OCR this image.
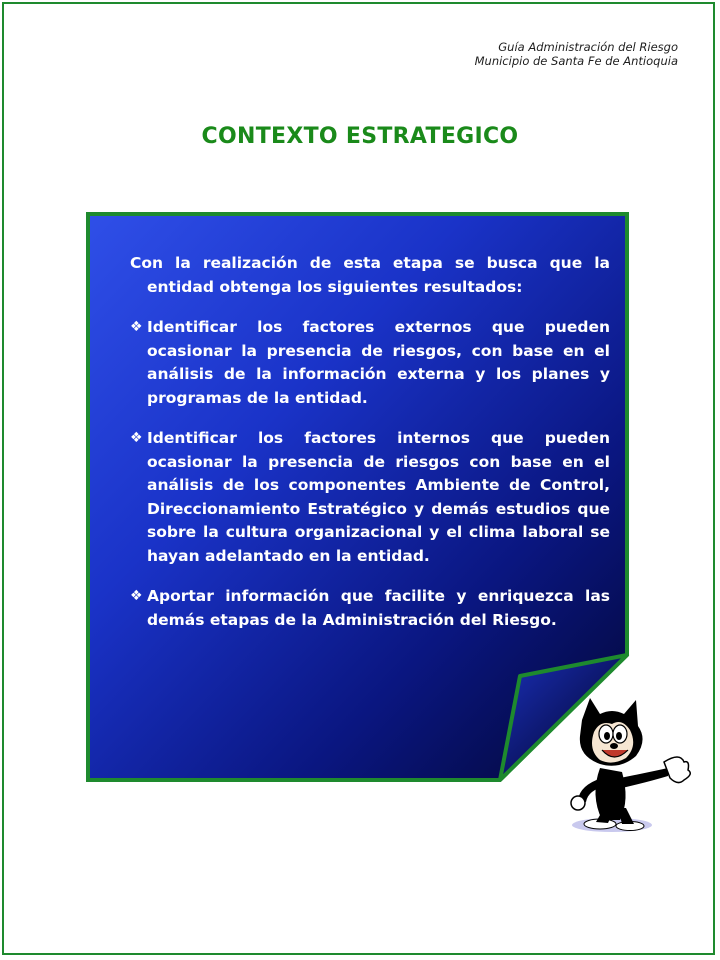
Guía Administración del Riesgo
Municipio de Santa Fe de Antioquia
CONTEXTO ESTRATEGICO

Con la realización de esta etapa se busca que la entidad obtenga los siguientes resultados:

❖ Identificar los factores externos que pueden ocasionar la presencia de riesgos, con base en el análisis de la información externa y los planes y programas de la entidad.

❖ Identificar los factores internos que pueden ocasionar la presencia de riesgos con base en el análisis de los componentes Ambiente de Control, Direccionamiento Estratégico y demás estudios que sobre la cultura organizacional y el clima laboral se hayan adelantado en la entidad.

❖ Aportar información que facilite y enriquezca las demás etapas de la Administración del Riesgo.
